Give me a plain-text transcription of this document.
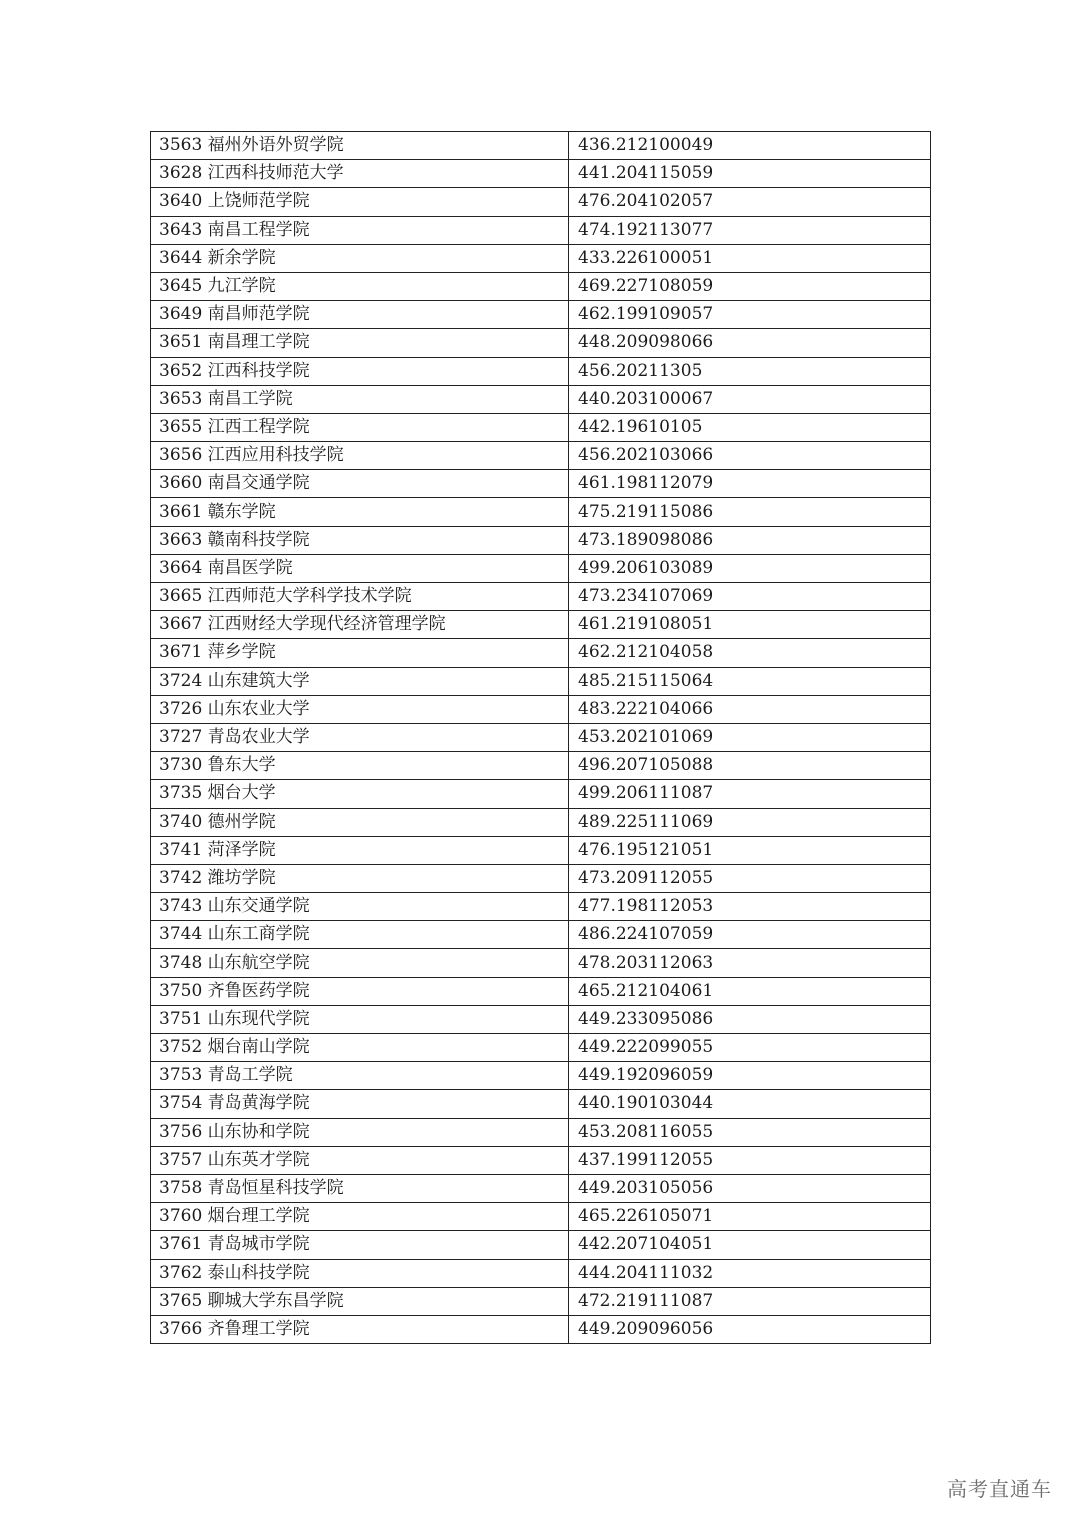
3563 福州外语外贸学院	436.212100049
3628 江西科技师范大学	441.204115059
3640 上饶师范学院	476.204102057
3643 南昌工程学院	474.192113077
3644 新余学院	433.226100051
3645 九江学院	469.227108059
3649 南昌师范学院	462.199109057
3651 南昌理工学院	448.209098066
3652 江西科技学院	456.20211305
3653 南昌工学院	440.203100067
3655 江西工程学院	442.19610105
3656 江西应用科技学院	456.202103066
3660 南昌交通学院	461.198112079
3661 赣东学院	475.219115086
3663 赣南科技学院	473.189098086
3664 南昌医学院	499.206103089
3665 江西师范大学科学技术学院	473.234107069
3667 江西财经大学现代经济管理学院	461.219108051
3671 萍乡学院	462.212104058
3724 山东建筑大学	485.215115064
3726 山东农业大学	483.222104066
3727 青岛农业大学	453.202101069
3730 鲁东大学	496.207105088
3735 烟台大学	499.206111087
3740 德州学院	489.225111069
3741 菏泽学院	476.195121051
3742 潍坊学院	473.209112055
3743 山东交通学院	477.198112053
3744 山东工商学院	486.224107059
3748 山东航空学院	478.203112063
3750 齐鲁医药学院	465.212104061
3751 山东现代学院	449.233095086
3752 烟台南山学院	449.222099055
3753 青岛工学院	449.192096059
3754 青岛黄海学院	440.190103044
3756 山东协和学院	453.208116055
3757 山东英才学院	437.199112055
3758 青岛恒星科技学院	449.203105056
3760 烟台理工学院	465.226105071
3761 青岛城市学院	442.207104051
3762 泰山科技学院	444.204111032
3765 聊城大学东昌学院	472.219111087
3766 齐鲁理工学院	449.209096056
高考直通车
